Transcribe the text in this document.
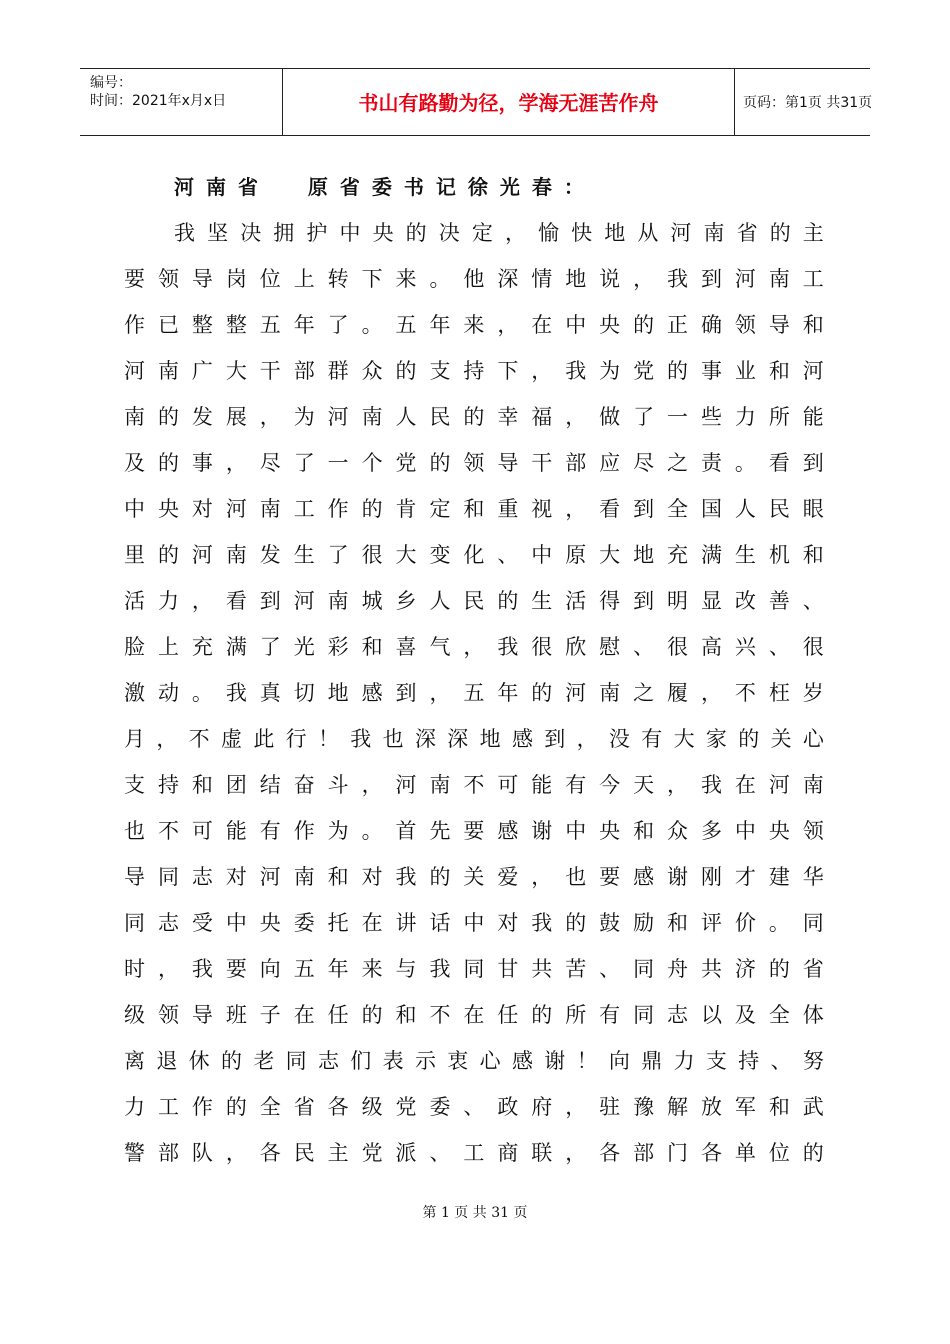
编号：
时间：2021年x月x日	书山有路勤为径，学海无涯苦作舟	页码：第1页 共31页
河南省  原省委书记徐光春：
我 坚 决 拥 护 中 央 的 决 定 ， 愉 快 地 从 河 南 省 的 主
要 领 导 岗 位 上 转 下 来 。 他 深 情 地 说 ， 我 到 河 南 工
作 已 整 整 五 年 了 。 五 年 来 ， 在 中 央 的 正 确 领 导 和
河 南 广 大 干 部 群 众 的 支 持 下 ， 我 为 党 的 事 业 和 河
南 的 发 展 ， 为 河 南 人 民 的 幸 福 ， 做 了 一 些 力 所 能
及 的 事 ， 尽 了 一 个 党 的 领 导 干 部 应 尽 之 责 。 看 到
中 央 对 河 南 工 作 的 肯 定 和 重 视 ， 看 到 全 国 人 民 眼
里 的 河 南 发 生 了 很 大 变 化 、 中 原 大 地 充 满 生 机 和
活 力 ， 看 到 河 南 城 乡 人 民 的 生 活 得 到 明 显 改 善 、
脸 上 充 满 了 光 彩 和 喜 气 ， 我 很 欣 慰 、 很 高 兴 、 很
激 动 。 我 真 切 地 感 到 ， 五 年 的 河 南 之 履 ， 不 枉 岁
月 ， 不 虚 此 行 ！ 我 也 深 深 地 感 到 ， 没 有 大 家 的 关 心
支 持 和 团 结 奋 斗 ， 河 南 不 可 能 有 今 天 ， 我 在 河 南
也 不 可 能 有 作 为 。 首 先 要 感 谢 中 央 和 众 多 中 央 领
导 同 志 对 河 南 和 对 我 的 关 爱 ， 也 要 感 谢 刚 才 建 华
同 志 受 中 央 委 托 在 讲 话 中 对 我 的 鼓 励 和 评 价 。 同
时 ， 我 要 向 五 年 来 与 我 同 甘 共 苦 、 同 舟 共 济 的 省
级 领 导 班 子 在 任 的 和 不 在 任 的 所 有 同 志 以 及 全 体
离 退 休 的 老 同 志 们 表 示 衷 心 感 谢 ！ 向 鼎 力 支 持 、 努
力 工 作 的 全 省 各 级 党 委 、 政 府 ， 驻 豫 解 放 军 和 武
警 部 队 ， 各 民 主 党 派 、 工 商 联 ， 各 部 门 各 单 位 的
第 1 页 共 31 页
